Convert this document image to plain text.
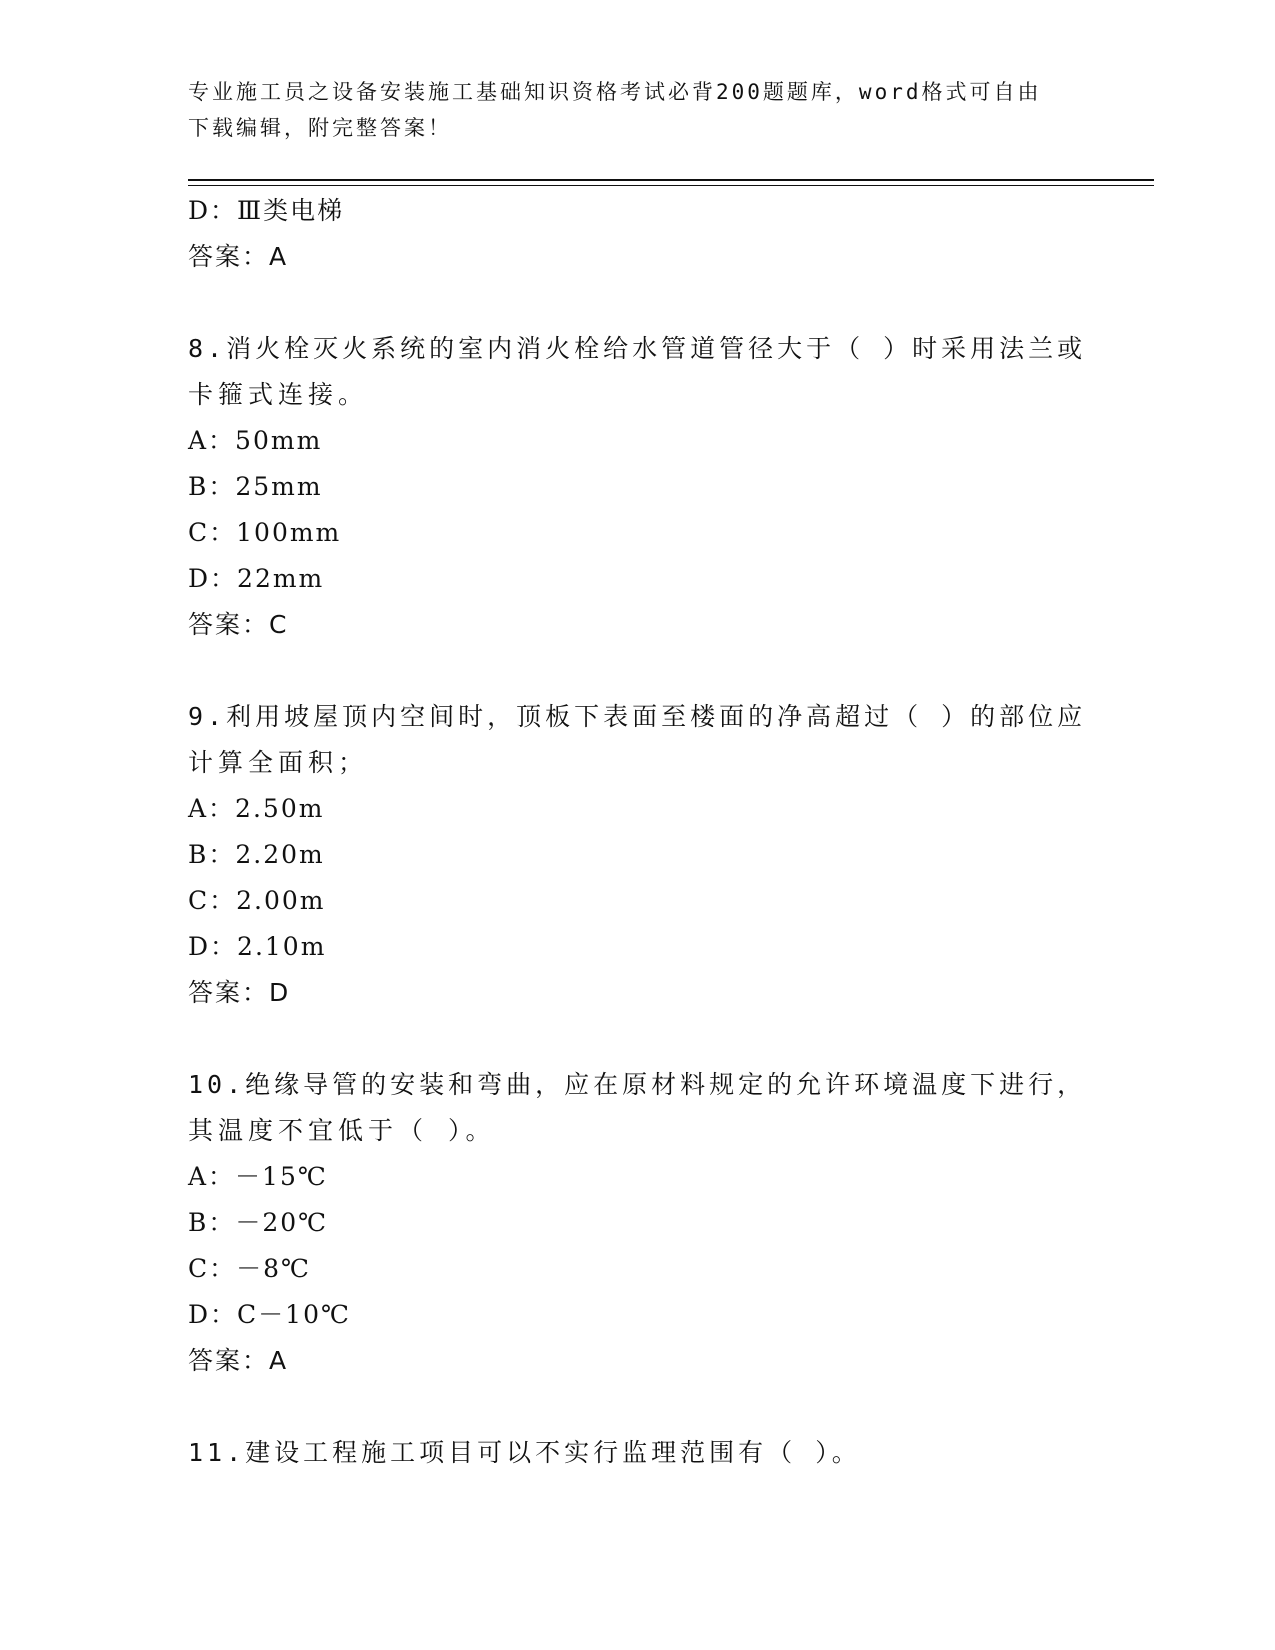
专业施工员之设备安装施工基础知识资格考试必背200题题库，word格式可自由
下载编辑，附完整答案！

D：Ⅲ类电梯

答案：A

8.消火栓灭火系统的室内消火栓给水管道管径大于（ ）时采用法兰或

卡箍式连接。

A：50mm

B：25mm

C：100mm

D：22mm

答案：C

9.利用坡屋顶内空间时，顶板下表面至楼面的净高超过（ ）的部位应

计算全面积；

A：2.50m

B：2.20m

C：2.00m

D：2.10m

答案：D

10.绝缘导管的安装和弯曲，应在原材料规定的允许环境温度下进行，

其温度不宜低于（ ）。

A：－15℃

B：－20℃

C：－8℃

D：C－10℃

答案：A

11.建设工程施工项目可以不实行监理范围有（ ）。
